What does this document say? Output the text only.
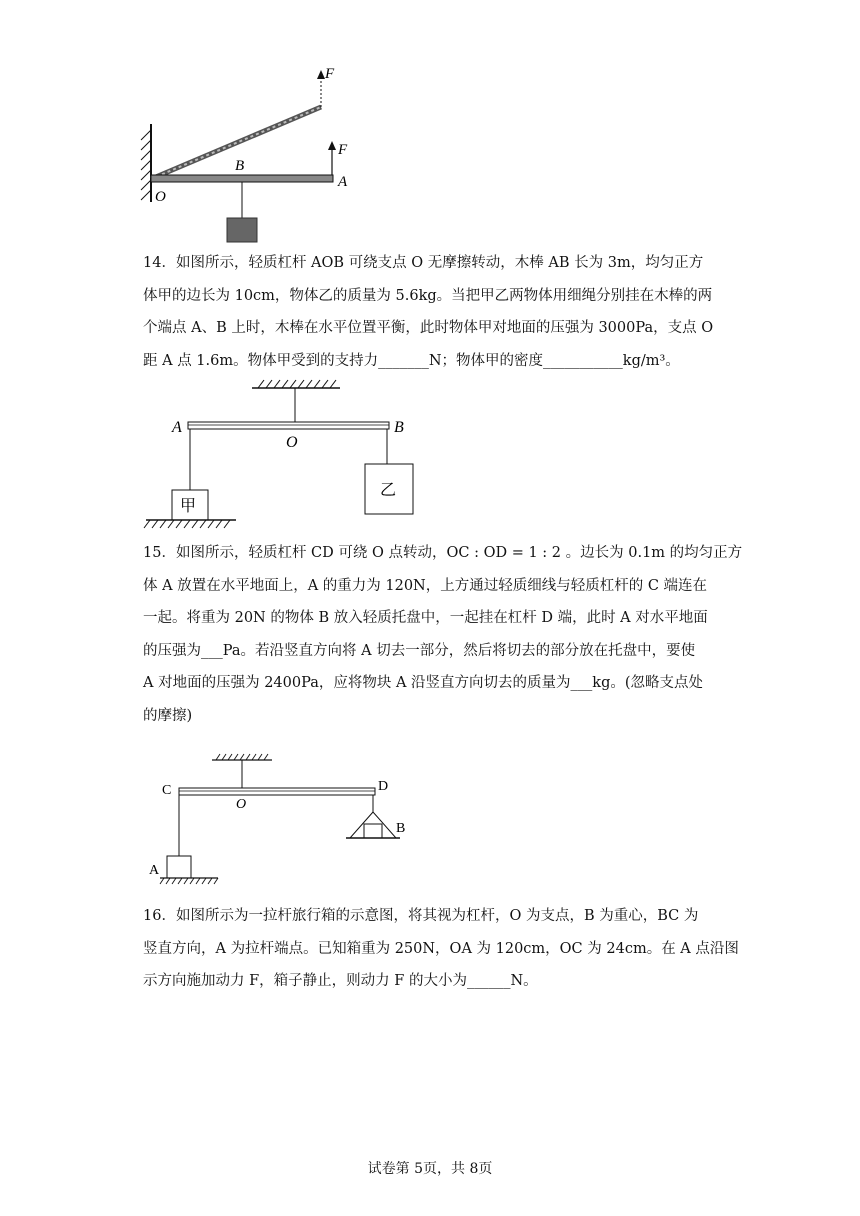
F
F
B
O
A
14．如图所示，轻质杠杆 AOB 可绕支点 O 无摩擦转动，木棒 AB 长为 3m，均匀正方
体甲的边长为 10cm，物体乙的质量为 5.6kg。当把甲乙两物体用细绳分别挂在木棒的两
个端点 A、B 上时，木棒在水平位置平衡，此时物体甲对地面的压强为 3000Pa，支点 O
距 A 点 1.6m。物体甲受到的支持力_______N；物体甲的密度___________kg/m³。
A	B
O
甲
乙
15．如图所示，轻质杠杆 CD 可绕 O 点转动，OC : OD = 1 : 2 。边长为 0.1m 的均匀正方
体 A 放置在水平地面上，A 的重力为 120N，上方通过轻质细线与轻质杠杆的 C 端连在
一起。将重为 20N 的物体 B 放入轻质托盘中，一起挂在杠杆 D 端，此时 A 对水平地面
的压强为___Pa。若沿竖直方向将 A 切去一部分，然后将切去的部分放在托盘中，要使
A 对地面的压强为 2400Pa，应将物块 A 沿竖直方向切去的质量为___kg。(忽略支点处
的摩擦)
C	D
O
A
B
16．如图所示为一拉杆旅行箱的示意图，将其视为杠杆，O 为支点，B 为重心，BC 为
竖直方向，A 为拉杆端点。已知箱重为 250N，OA 为 120cm，OC 为 24cm。在 A 点沿图
示方向施加动力 F，箱子静止，则动力 F 的大小为______N。
试卷第 5页，共 8页
